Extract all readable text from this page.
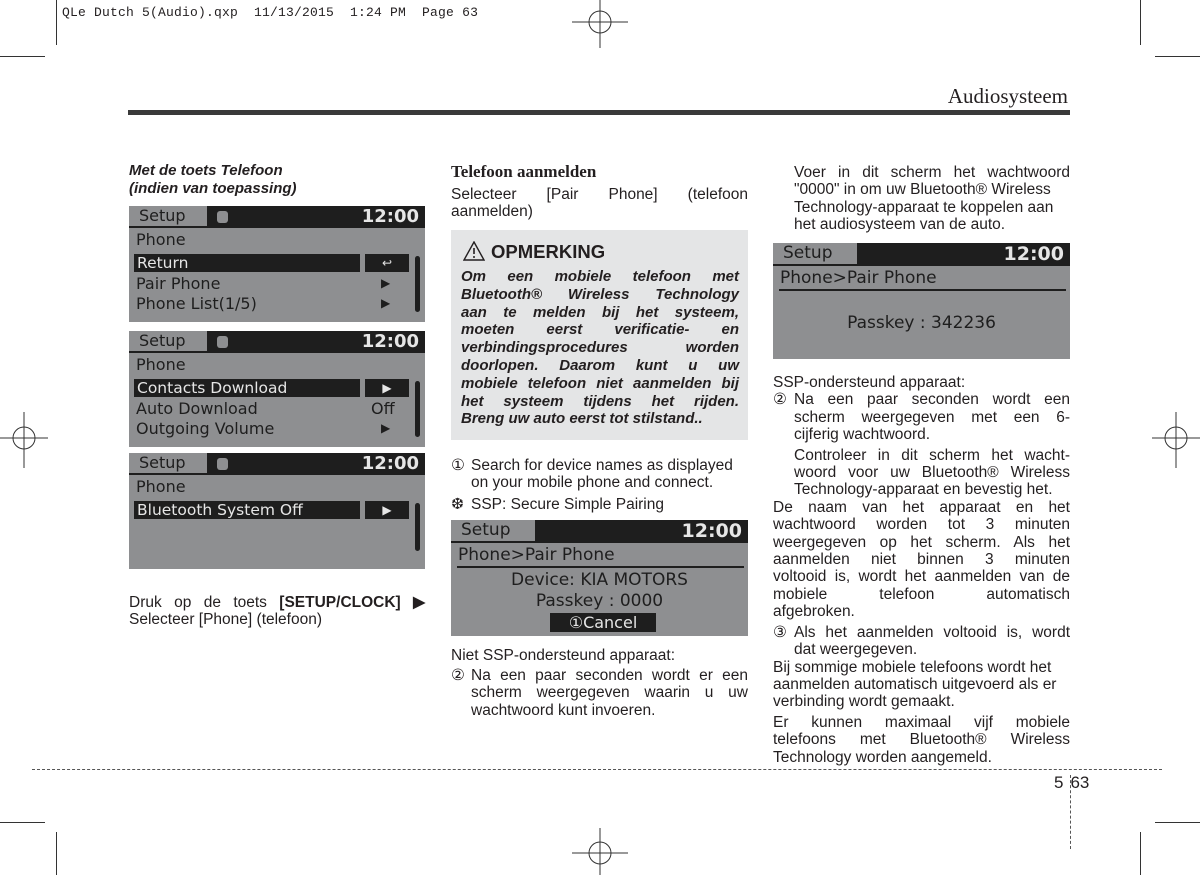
QLe Dutch 5(Audio).qxp  11/13/2015  1:24 PM  Page 63
Audiosysteem
Met de toets Telefoon
(indien van toepassing)
Setup	12:00
Phone
Return	↩
Pair Phone	▶
Phone List(1/5)	▶
Setup	12:00
Phone
Contacts Download	▶
Auto Download	Off
Outgoing Volume	▶
Setup	12:00
Phone
Bluetooth System Off	▶
Druk op de toets [SETUP/CLOCK] ▶
Selecteer [Phone] (telefoon)
Telefoon aanmelden
Selecteer [Pair Phone] (telefoon
aanmelden)
OPMERKING
Om een mobiele telefoon met
Bluetooth® Wireless Technology
aan te melden bij het systeem,
moeten eerst verificatie- en
verbindingsprocedures worden
doorlopen. Daarom kunt u uw
mobiele telefoon niet aanmelden bij
het systeem tijdens het rijden.
Breng uw auto eerst tot stilstand..
① Search for device names as displayed
on your mobile phone and connect.
❆ SSP: Secure Simple Pairing
Setup	12:00
Phone>Pair Phone
Device: KIA MOTORS
Passkey : 0000
①Cancel
Niet SSP-ondersteund apparaat:
② Na een paar seconden wordt er een
scherm weergegeven waarin u uw
wachtwoord kunt invoeren.
Voer in dit scherm het wachtwoord
"0000" in om uw Bluetooth® Wireless
Technology-apparaat te koppelen aan
het audiosysteem van de auto.
Setup	12:00
Phone>Pair Phone
Passkey : 342236
SSP-ondersteund apparaat:
② Na een paar seconden wordt een
scherm weergegeven met een 6-
cijferig wachtwoord.
Controleer in dit scherm het wacht-
woord voor uw Bluetooth® Wireless
Technology-apparaat en bevestig het.
De naam van het apparaat en het
wachtwoord worden tot 3 minuten
weergegeven op het scherm. Als het
aanmelden niet binnen 3 minuten
voltooid is, wordt het aanmelden van de
mobiele telefoon automatisch
afgebroken.
③ Als het aanmelden voltooid is, wordt
dat weergegeven.
Bij sommige mobiele telefoons wordt het
aanmelden automatisch uitgevoerd als er
verbinding wordt gemaakt.
Er kunnen maximaal vijf mobiele
telefoons met Bluetooth® Wireless
Technology worden aangemeld.
5 63
